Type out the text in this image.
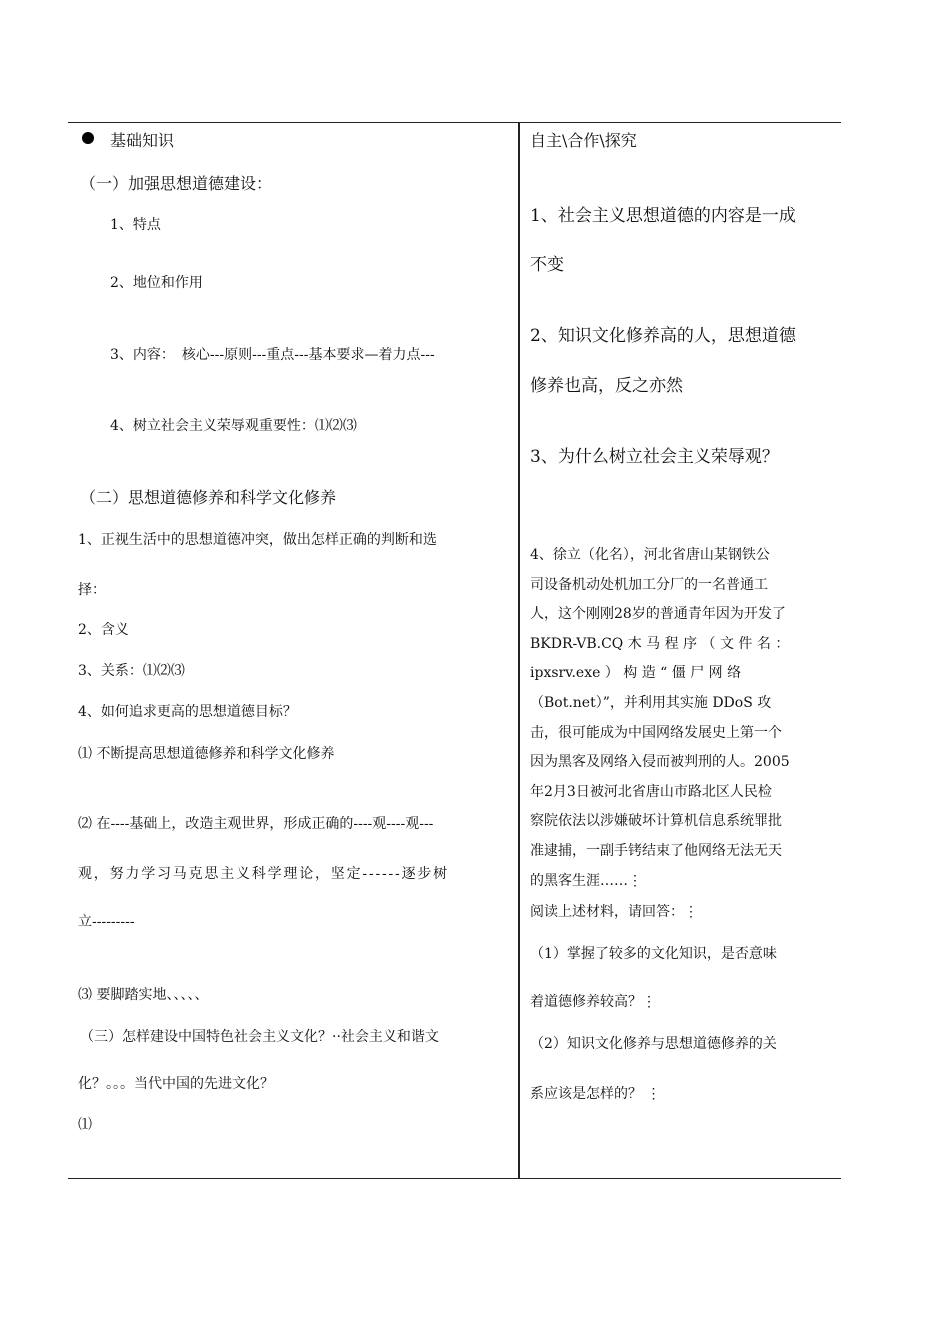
基础知识
（一）加强思想道德建设：
1、特点
2、地位和作用
3、内容：　核心---原则---重点---基本要求—着力点---
4、树立社会主义荣辱观重要性：⑴⑵⑶
（二）思想道德修养和科学文化修养
1、正视生活中的思想道德冲突，做出怎样正确的判断和选
择：
2、含义
3、关系：⑴⑵⑶
4、如何追求更高的思想道德目标？
⑴ 不断提高思想道德修养和科学文化修养
⑵ 在----基础上，改造主观世界，形成正确的----观----观---
观，努力学习马克思主义科学理论，坚定------逐步树
立---------
⑶ 要脚踏实地、、、、、
（三）怎样建设中国特色社会主义文化？··社会主义和谐文
化？。。。当代中国的先进文化？
⑴
自主\合作\探究
1、社会主义思想道德的内容是一成
不变
2、知识文化修养高的人，思想道德
修养也高，反之亦然
3、为什么树立社会主义荣辱观？
4、徐立（化名），河北省唐山某钢铁公
司设备机动处机加工分厂的一名普通工
人，这个刚刚28岁的普通青年因为开发了
BKDR-VB.CQ 木 马 程 序 （ 文 件 名 ：
ipxsrv.exe ） 构 造 “ 僵 尸 网 络
（Bot.net）”，并利用其实施 DDoS 攻
击，很可能成为中国网络发展史上第一个
因为黑客及网络入侵而被判刑的人。2005
年2月3日被河北省唐山市路北区人民检
察院依法以涉嫌破坏计算机信息系统罪批
准逮捕，一副手铐结束了他网络无法无天
的黑客生涯……⋮
阅读上述材料，请回答：⋮
（1）掌握了较多的文化知识，是否意味
着道德修养较高？⋮
（2）知识文化修养与思想道德修养的关
系应该是怎样的？ ⋮
